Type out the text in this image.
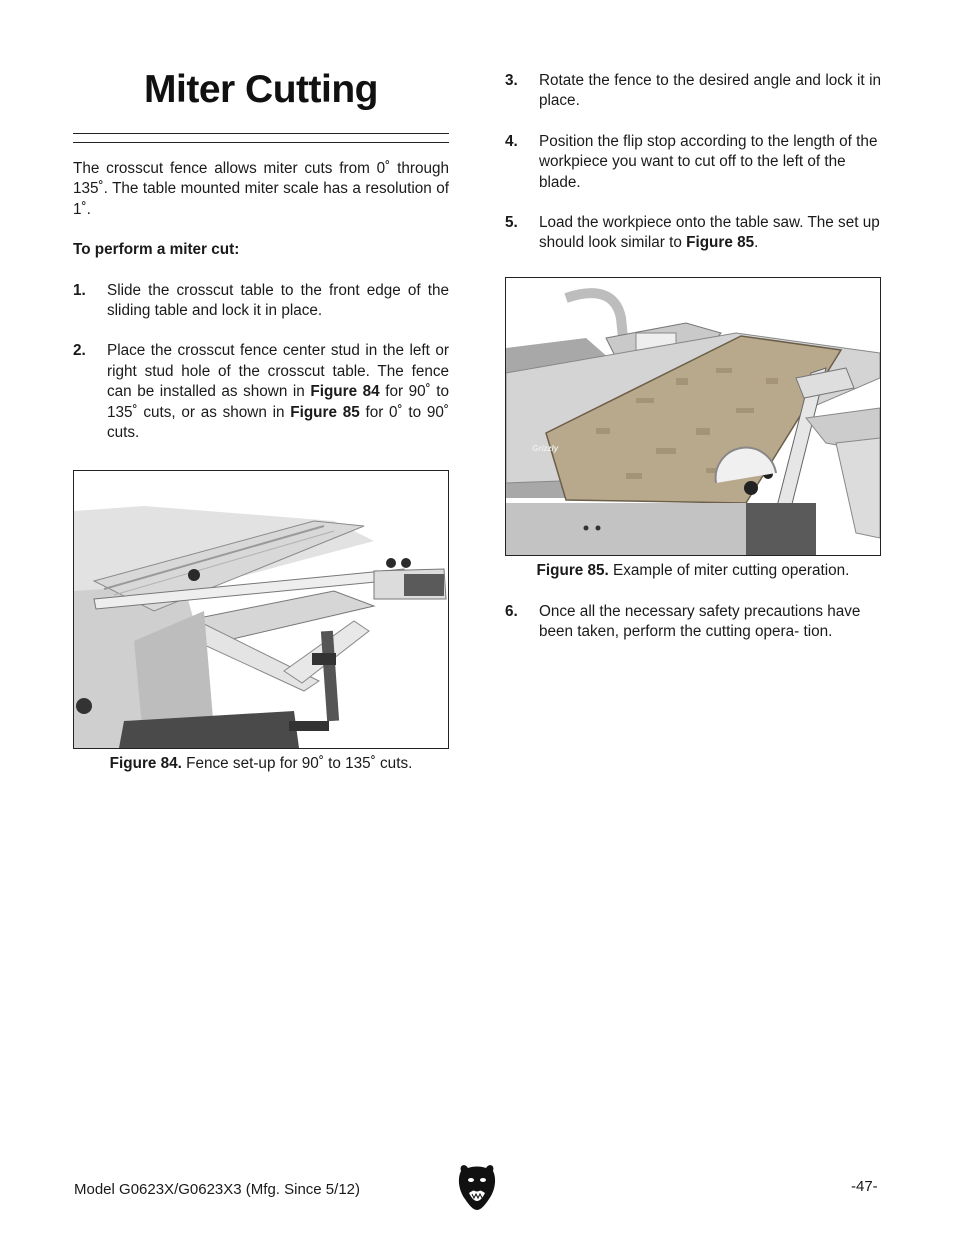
Miter Cutting

The crosscut fence allows miter cuts from 0˚ through 135˚. The table mounted miter scale has a resolution of 1˚.

To perform a miter cut:
1.	Slide the crosscut table to the front edge of the sliding table and lock it in place.
2.	Place the crosscut fence center stud in the left or right stud hole of the crosscut table. The fence can be installed as shown in Figure 84 for 90˚ to 135˚ cuts, or as shown in Figure 85 for 0˚ to 90˚ cuts.
Figure 84. Fence set-up for 90˚ to 135˚ cuts.
3.	Rotate the fence to the desired angle and lock it in place.
4.	Position the flip stop according to the length of the workpiece you want to cut off to the left of the blade.
5.	Load the workpiece onto the table saw. The set up should look similar to Figure 85.
Grizzly
Figure 85. Example of miter cutting operation.
6.	Once all the necessary safety precautions have been taken, perform the cutting opera- tion.
Model G0623X/G0623X3 (Mfg. Since 5/12)	-47-
